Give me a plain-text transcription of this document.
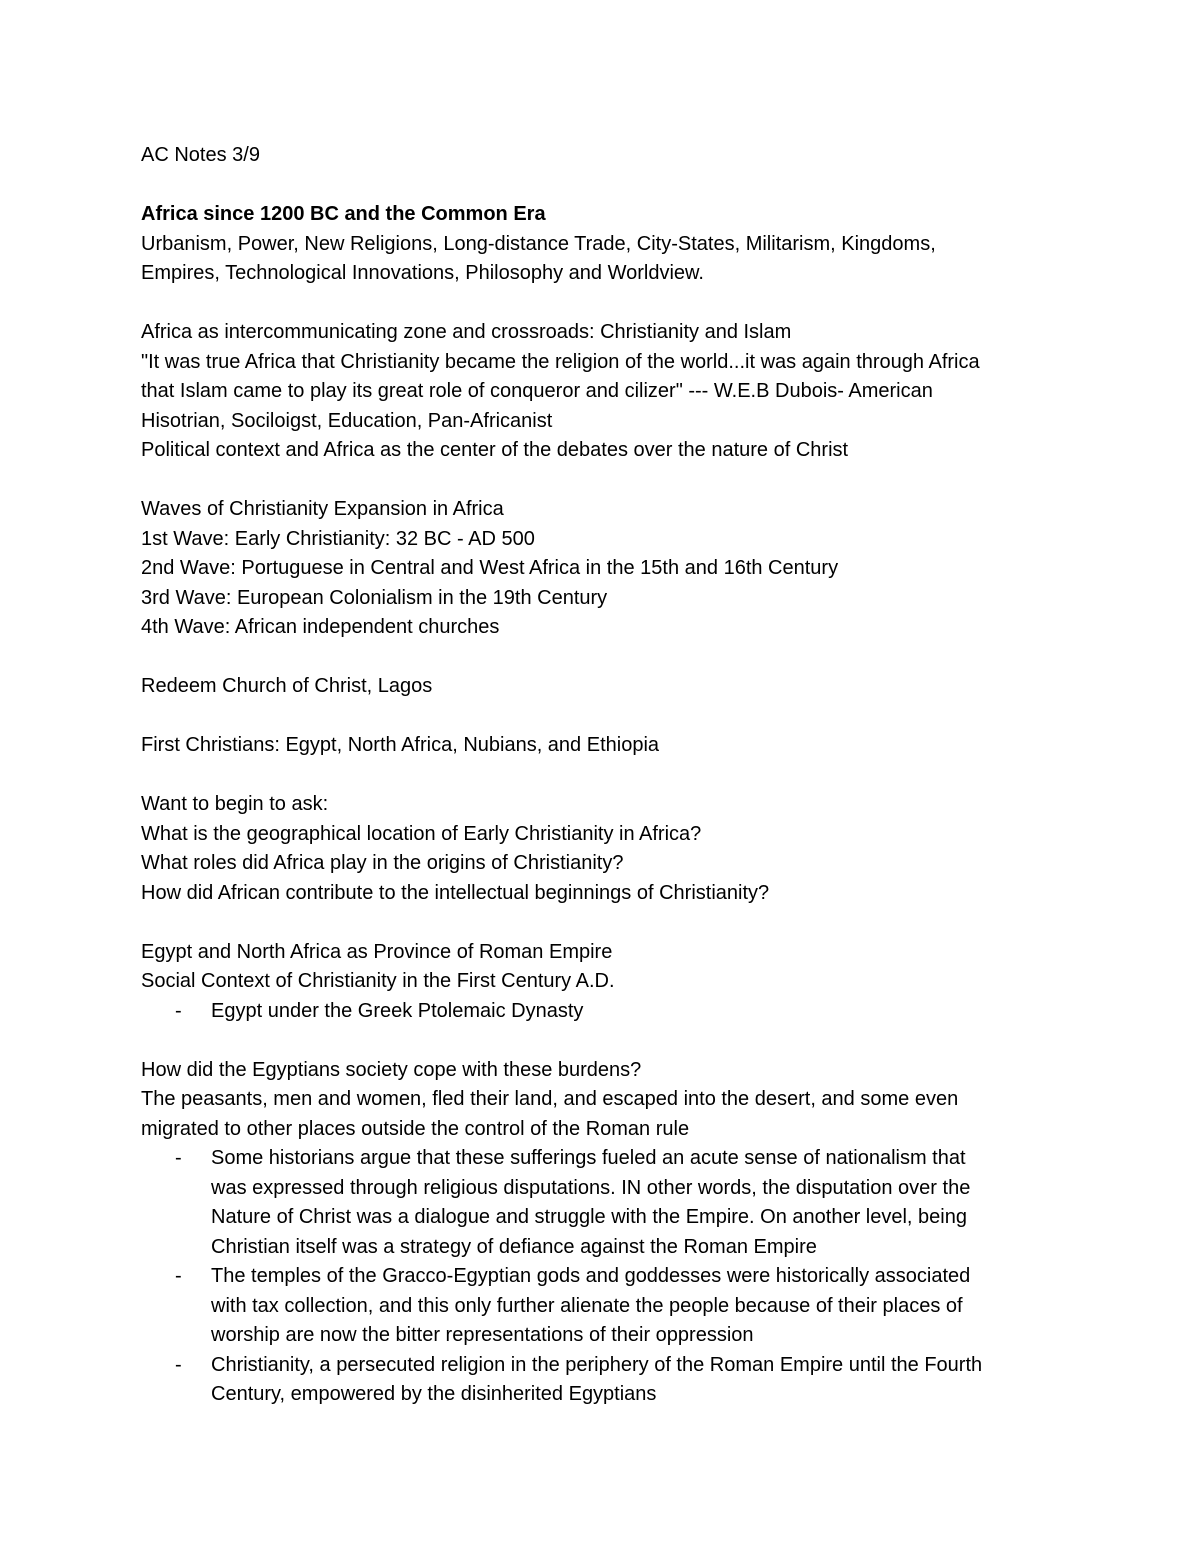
AC Notes 3/9

Africa since 1200 BC and the Common Era

Urbanism, Power, New Religions, Long-distance Trade, City-States, Militarism, Kingdoms,

Empires, Technological Innovations, Philosophy and Worldview.

Africa as intercommunicating zone and crossroads: Christianity and Islam

"It was true Africa that Christianity became the religion of the world...it was again through Africa

that Islam came to play its great role of conqueror and cilizer" --- W.E.B Dubois- American

Hisotrian, Sociloigst, Education, Pan-Africanist

Political context and Africa as the center of the debates over the nature of Christ

Waves of Christianity Expansion in Africa

1st Wave: Early Christianity: 32 BC - AD 500

2nd Wave: Portuguese in Central and West Africa in the 15th and 16th Century

3rd Wave: European Colonialism in the 19th Century

4th Wave: African independent churches

Redeem Church of Christ, Lagos

First Christians: Egypt, North Africa, Nubians, and Ethiopia

Want to begin to ask:

What is the geographical location of Early Christianity in Africa?

What roles did Africa play in the origins of Christianity?

How did African contribute to the intellectual beginnings of Christianity?

Egypt and North Africa as Province of Roman Empire

Social Context of Christianity in the First Century A.D.

- Egypt under the Greek Ptolemaic Dynasty

How did the Egyptians society cope with these burdens?

The peasants, men and women, fled their land, and escaped into the desert, and some even

migrated to other places outside the control of the Roman rule

- Some historians argue that these sufferings fueled an acute sense of nationalism that
was expressed through religious disputations. IN other words, the disputation over the
Nature of Christ was a dialogue and struggle with the Empire. On another level, being
Christian itself was a strategy of defiance against the Roman Empire
- The temples of the Gracco-Egyptian gods and goddesses were historically associated
with tax collection, and this only further alienate the people because of their places of
worship are now the bitter representations of their oppression
- Christianity, a persecuted religion in the periphery of the Roman Empire until the Fourth
Century, empowered by the disinherited Egyptians
